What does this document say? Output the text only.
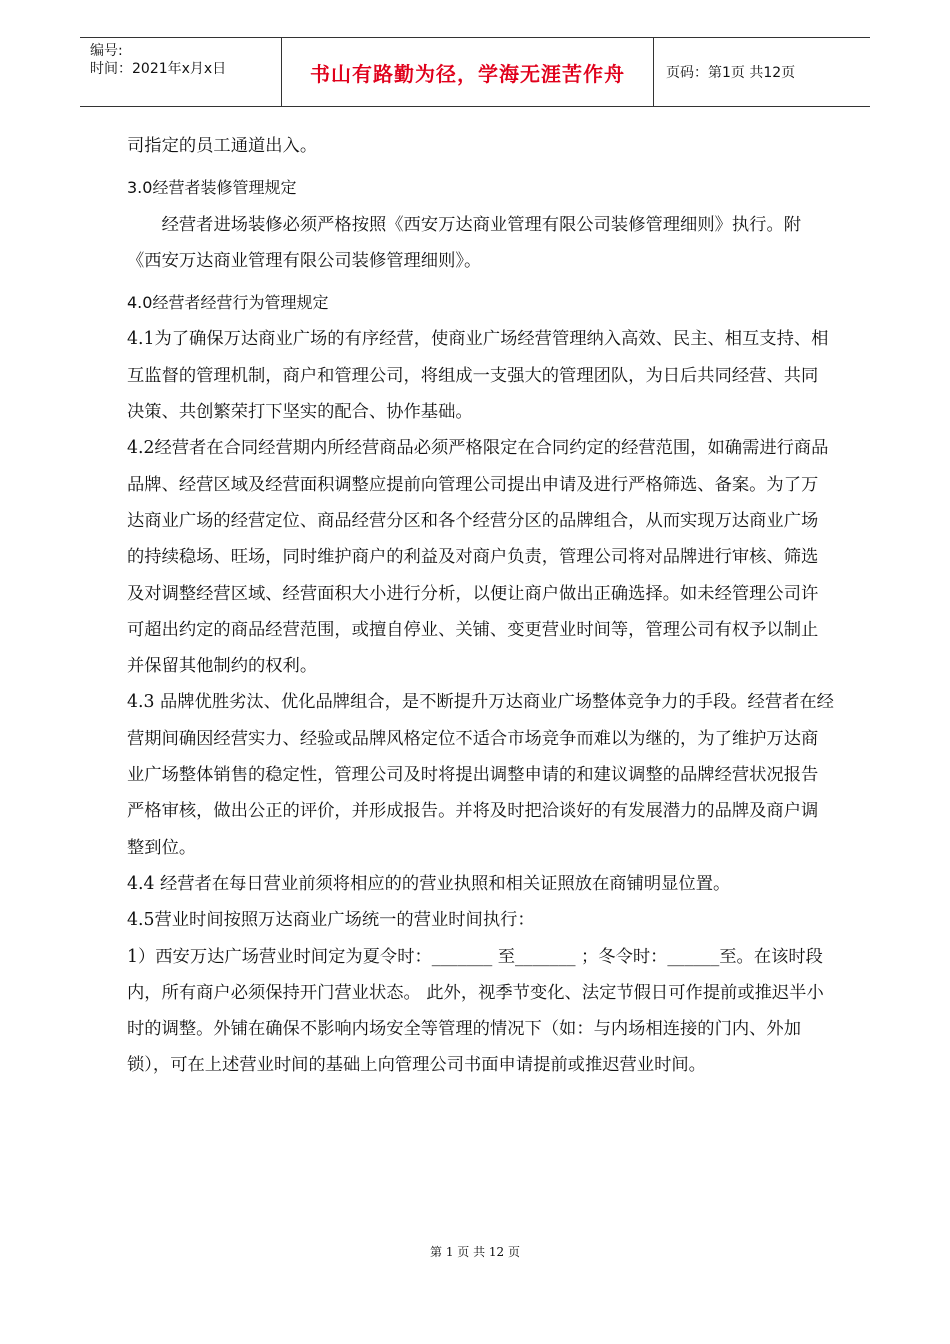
编号:
时间：2021年x月x日	书山有路勤为径，学海无涯苦作舟	页码：第1页 共12页

司指定的员工通道出入。

3.0经营者装修管理规定

经营者进场装修必须严格按照《西安万达商业管理有限公司装修管理细则》执行。附《西安万达商业管理有限公司装修管理细则》。

4.0经营者经营行为管理规定

4.1为了确保万达商业广场的有序经营，使商业广场经营管理纳入高效、民主、相互支持、相互监督的管理机制，商户和管理公司，将组成一支强大的管理团队，为日后共同经营、共同决策、共创繁荣打下坚实的配合、协作基础。

4.2经营者在合同经营期内所经营商品必须严格限定在合同约定的经营范围，如确需进行商品品牌、经营区域及经营面积调整应提前向管理公司提出申请及进行严格筛选、备案。为了万达商业广场的经营定位、商品经营分区和各个经营分区的品牌组合，从而实现万达商业广场的持续稳场、旺场，同时维护商户的利益及对商户负责，管理公司将对品牌进行审核、筛选及对调整经营区域、经营面积大小进行分析，以便让商户做出正确选择。如未经管理公司许可超出约定的商品经营范围，或擅自停业、关铺、变更营业时间等，管理公司有权予以制止并保留其他制约的权利。

4.3 品牌优胜劣汰、优化品牌组合，是不断提升万达商业广场整体竞争力的手段。经营者在经营期间确因经营实力、经验或品牌风格定位不适合市场竞争而难以为继的，为了维护万达商业广场整体销售的稳定性，管理公司及时将提出调整申请的和建议调整的品牌经营状况报告严格审核，做出公正的评价，并形成报告。并将及时把洽谈好的有发展潜力的品牌及商户调整到位。

4.4 经营者在每日营业前须将相应的的营业执照和相关证照放在商铺明显位置。

4.5营业时间按照万达商业广场统一的营业时间执行：

1）西安万达广场营业时间定为夏令时：_______ 至_______ ；冬令时：______至。在该时段内，所有商户必须保持开门营业状态。 此外，视季节变化、法定节假日可作提前或推迟半小时的调整。外铺在确保不影响内场安全等管理的情况下（如：与内场相连接的门内、外加锁），可在上述营业时间的基础上向管理公司书面申请提前或推迟营业时间。

第 1 页 共 12 页
